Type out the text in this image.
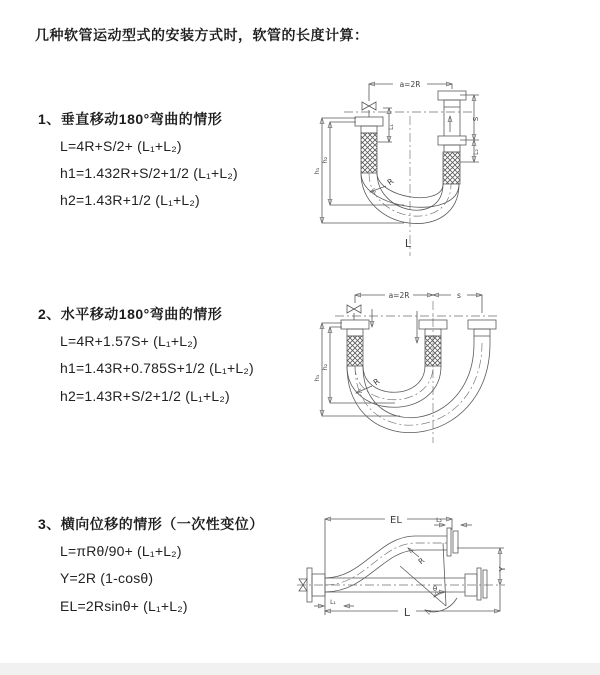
几种软管运动型式的安装方式时，软管的长度计算：
1、垂直移动180°弯曲的情形
L=4R+S/2+ (L₁+L₂)
h1=1.432R+S/2+1/2 (L₁+L₂)
h2=1.43R+1/2 (L₁+L₂)
2、水平移动180°弯曲的情形
L=4R+1.57S+ (L₁+L₂)
h1=1.43R+0.785S+1/2 (L₁+L₂)
h2=1.43R+S/2+1/2 (L₁+L₂)
3、横向位移的情形（一次性变位）
L=πRθ/90+ (L₁+L₂)
Y=2R (1-cosθ)
EL=2Rsinθ+ (L₁+L₂)
a=2R
L₁
S
L₂
h₁
h₂
R
L
a=2R	s
h₁
h₂
R
EL	L₂
Y
R
θ
L
L₁
